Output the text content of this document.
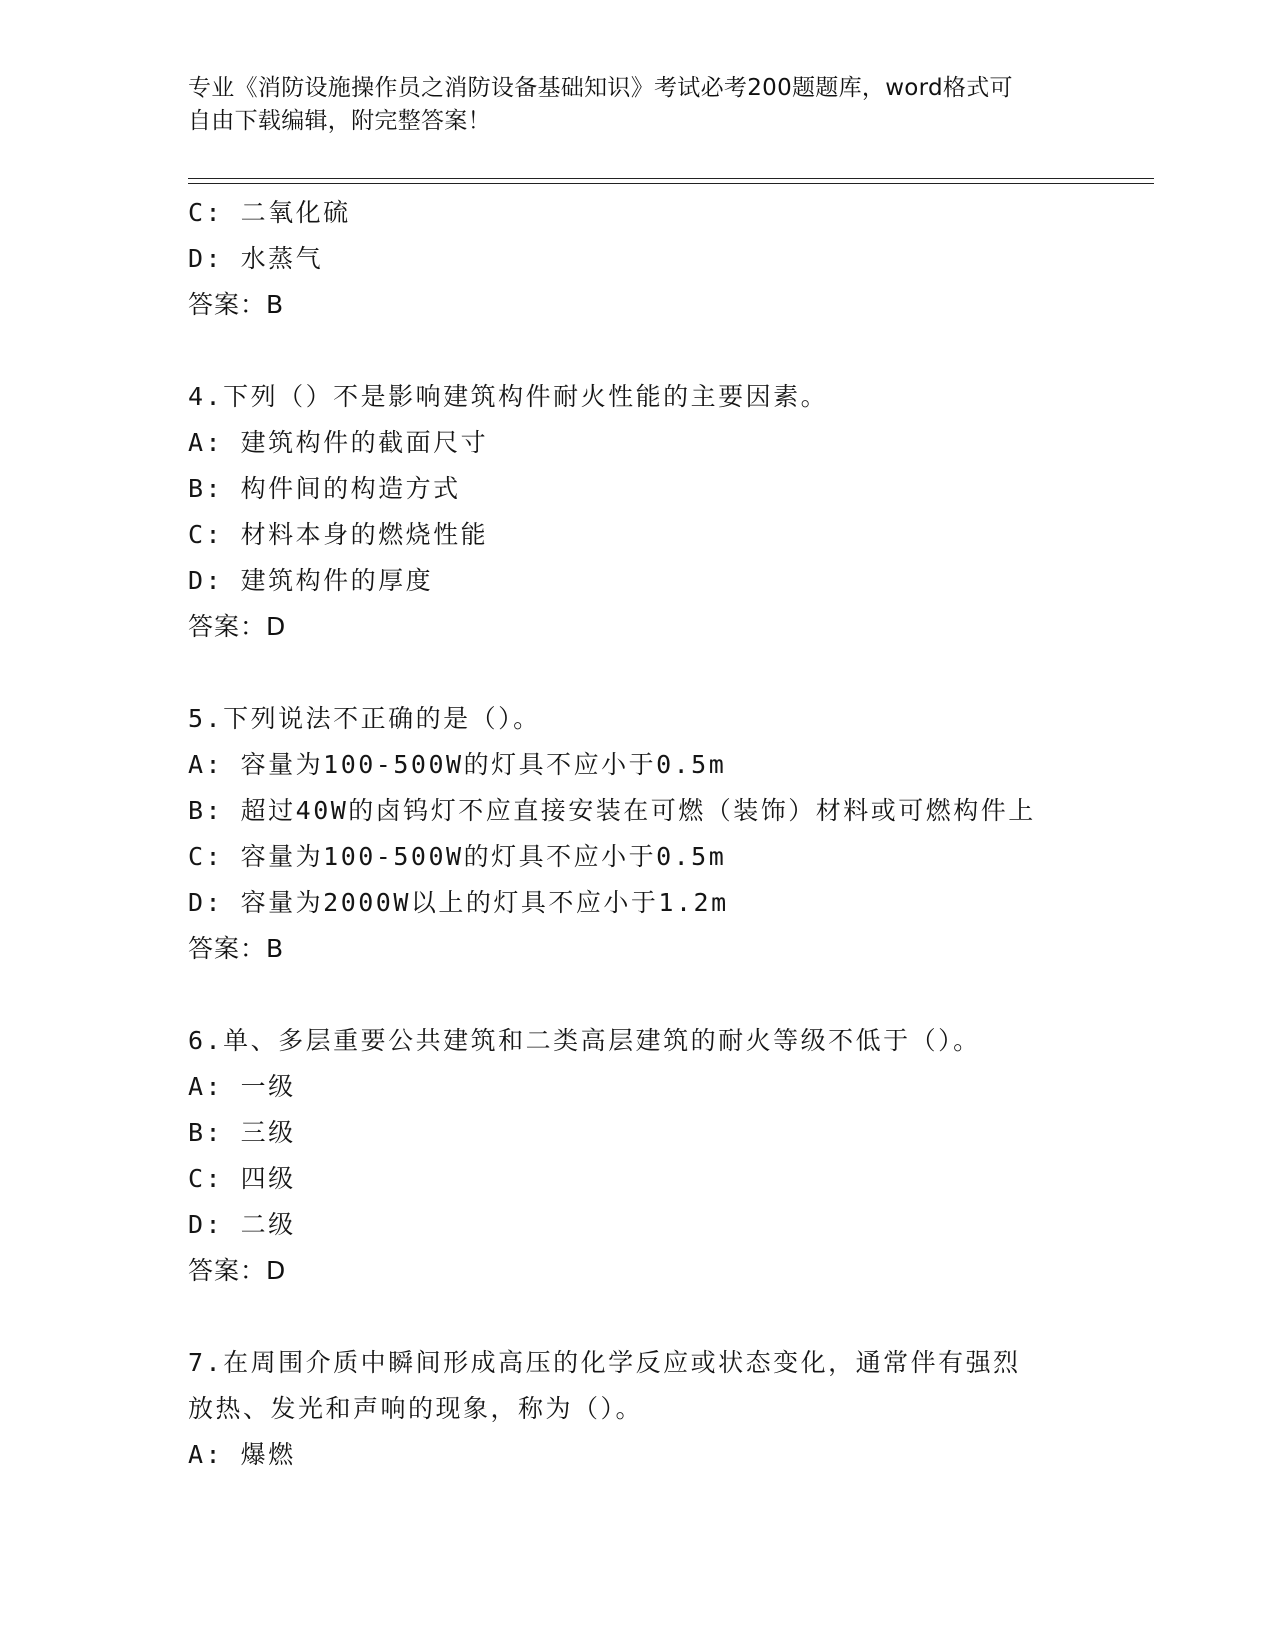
专业《消防设施操作员之消防设备基础知识》考试必考200题题库，word格式可
自由下载编辑，附完整答案！
C: 二氧化硫
D: 水蒸气
答案：B
4.下列（）不是影响建筑构件耐火性能的主要因素。
A: 建筑构件的截面尺寸
B: 构件间的构造方式
C: 材料本身的燃烧性能
D: 建筑构件的厚度
答案：D
5.下列说法不正确的是（）。
A: 容量为100-500W的灯具不应小于0.5m
B: 超过40W的卤钨灯不应直接安装在可燃（装饰）材料或可燃构件上
C: 容量为100-500W的灯具不应小于0.5m
D: 容量为2000W以上的灯具不应小于1.2m
答案：B
6.单、多层重要公共建筑和二类高层建筑的耐火等级不低于（）。
A: 一级
B: 三级
C: 四级
D: 二级
答案：D
7.在周围介质中瞬间形成高压的化学反应或状态变化，通常伴有强烈
放热、发光和声响的现象，称为（）。
A: 爆燃
